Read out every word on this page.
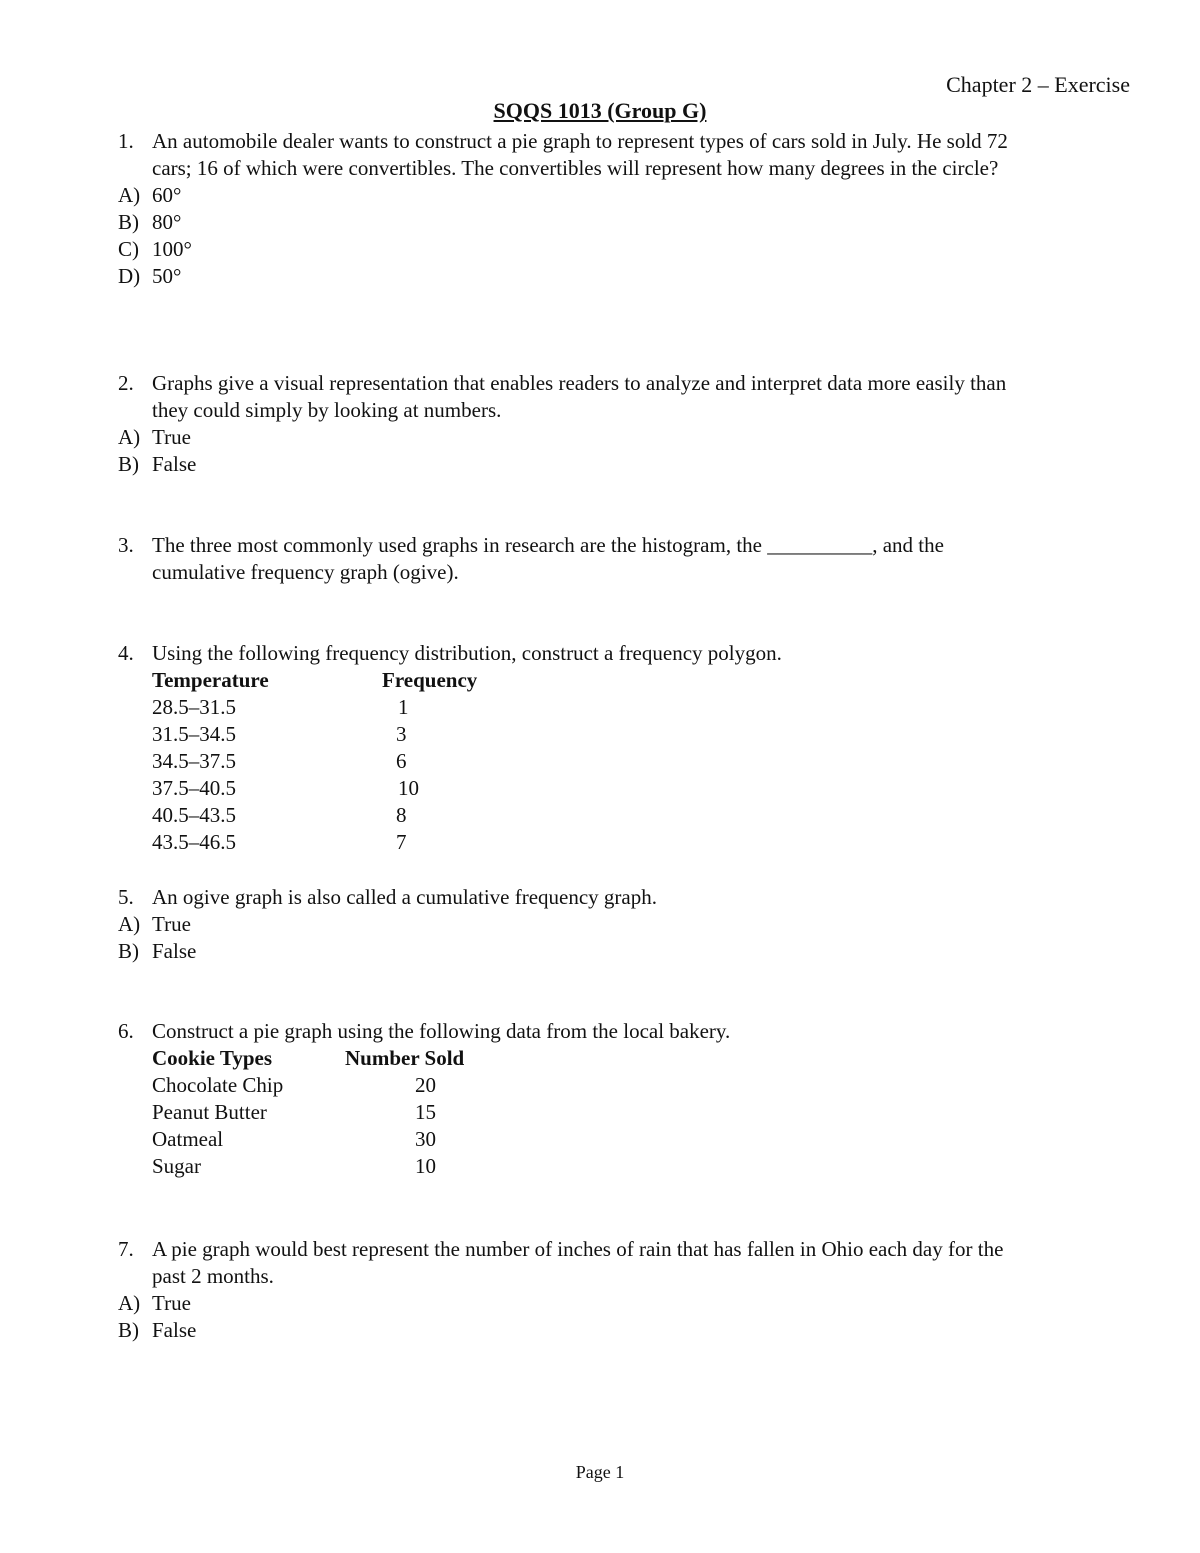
Chapter 2 – Exercise
SQQS 1013 (Group G)
1. An automobile dealer wants to construct a pie graph to represent types of cars sold in July. He sold 72 cars; 16 of which were convertibles. The convertibles will represent how many degrees in the circle?
A) 60°
B) 80°
C) 100°
D) 50°
2. Graphs give a visual representation that enables readers to analyze and interpret data more easily than they could simply by looking at numbers.
A) True
B) False
3. The three most commonly used graphs in research are the histogram, the __________, and the cumulative frequency graph (ogive).
4. Using the following frequency distribution, construct a frequency polygon.
Temperature	Frequency
28.5–31.5	1
31.5–34.5	3
34.5–37.5	6
37.5–40.5	10
40.5–43.5	8
43.5–46.5	7
5. An ogive graph is also called a cumulative frequency graph.
A) True
B) False
6. Construct a pie graph using the following data from the local bakery.
Cookie Types	Number Sold
Chocolate Chip	20
Peanut Butter	15
Oatmeal	30
Sugar	10
7. A pie graph would best represent the number of inches of rain that has fallen in Ohio each day for the past 2 months.
A) True
B) False
Page 1
